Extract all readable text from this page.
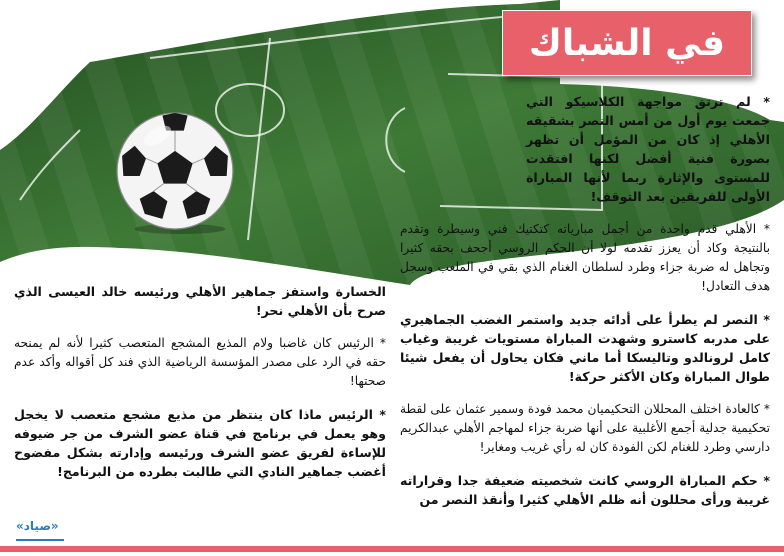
في الشباك

* لم ترتق مواجهة الكلاسيكو التي جمعت يوم أول من أمس النصر بشقيقه الأهلي إذ كان من المؤمل أن تظهر بصورة فنية أفضل لكنها افتقدت للمستوى والإثارة ربما لأنها المباراة الأولى للفريقين بعد التوقف!

* الأهلي قدم واحدة من أجمل مبارياته كتكتيك فني وسيطرة وتقدم بالنتيجة وكاد أن يعزز تقدمه لولا أن الحكم الروسي أجحف بحقه كثيرا وتجاهل له ضربة جزاء وطرد لسلطان الغنام الذي بقي في الملعب وسجل هدف التعادل!

* النصر لم يطرأ على أدائه جديد واستمر الغضب الجماهيري على مدربه كاسترو وشهدت المباراة مستويات غريبة وغياب كامل لرونالدو وتاليسكا أما ماني فكان يحاول أن يفعل شيئا طوال المباراة وكان الأكثر حركة!

* كالعادة اختلف المحللان التحكيميان محمد فودة وسمير عثمان على لقطة تحكيمية جدلية أجمع الأغلبية على أنها ضربة جزاء لمهاجم الأهلي عبدالكريم دارسي وطرد للغنام لكن الفودة كان له رأي غريب ومغاير!

* حكم المباراة الروسي كانت شخصيته ضعيفة جدا وقراراته غريبة ورأى محللون أنه ظلم الأهلي كثيرا وأنقذ النصر من

الخسارة واستفز جماهير الأهلي ورئيسه خالد العيسى الذي صرح بأن الأهلي نحر!

* الرئيس كان غاضبا ولام المذيع المشجع المتعصب كثيرا لأنه لم يمنحه حقه في الرد على مصدر المؤسسة الرياضية الذي فند كل أقواله وأكد عدم صحتها!

* الرئيس ماذا كان ينتظر من مذيع مشجع متعصب لا يخجل وهو يعمل في برنامج في قناة عضو الشرف من جر ضيوفه للإساءة لفريق عضو الشرف ورئيسه وإدارته بشكل مفضوح أغضب جماهير النادي التي طالبت بطرده من البرنامج!

«صياد»
